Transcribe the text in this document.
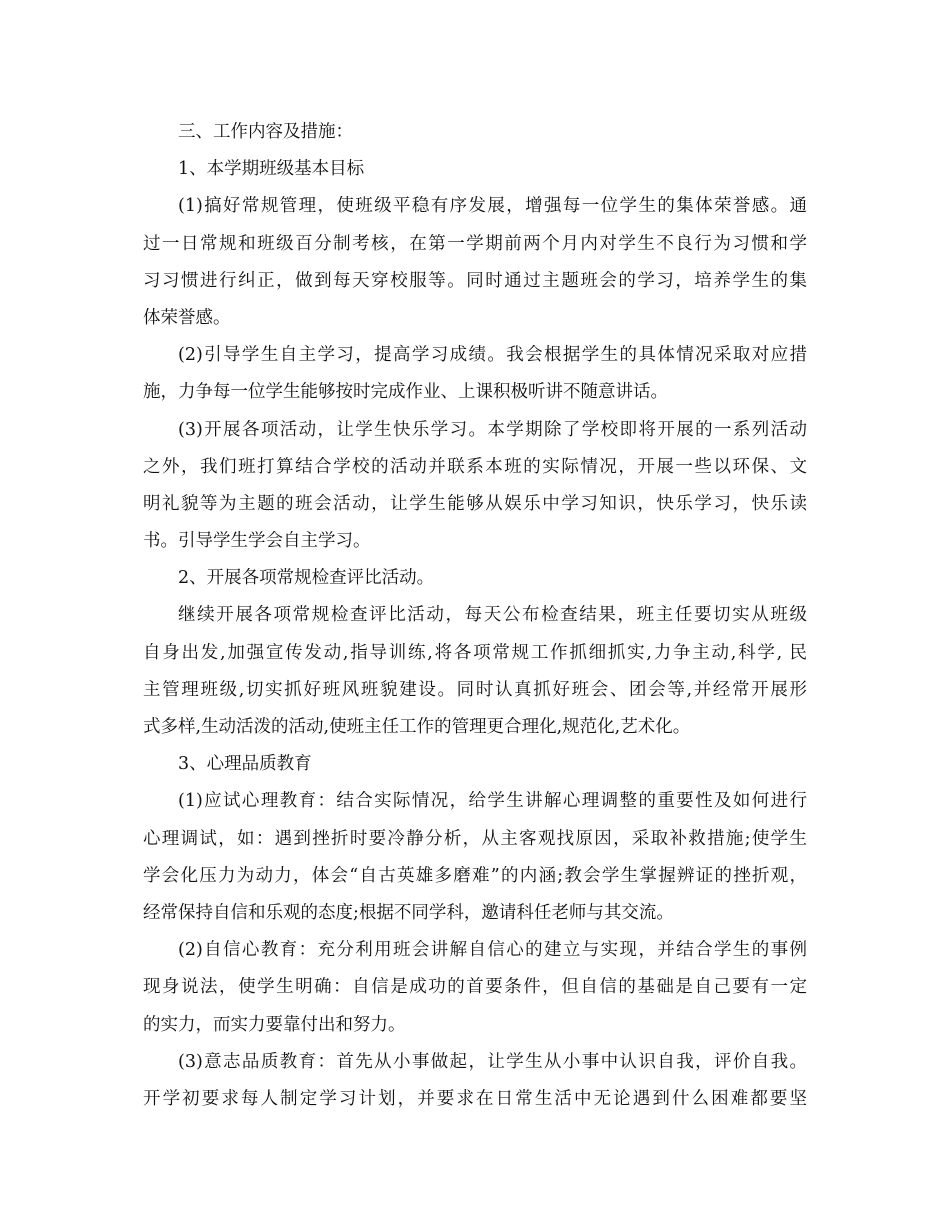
三、工作内容及措施：
1、本学期班级基本目标
(1)搞好常规管理，使班级平稳有序发展，增强每一位学生的集体荣誉感。通
过一日常规和班级百分制考核，在第一学期前两个月内对学生不良行为习惯和学
习习惯进行纠正，做到每天穿校服等。同时通过主题班会的学习，培养学生的集
体荣誉感。
(2)引导学生自主学习，提高学习成绩。我会根据学生的具体情况采取对应措
施，力争每一位学生能够按时完成作业、上课积极听讲不随意讲话。
(3)开展各项活动，让学生快乐学习。本学期除了学校即将开展的一系列活动
之外，我们班打算结合学校的活动并联系本班的实际情况，开展一些以环保、文
明礼貌等为主题的班会活动，让学生能够从娱乐中学习知识，快乐学习，快乐读
书。引导学生学会自主学习。
2、开展各项常规检查评比活动。
继续开展各项常规检查评比活动，每天公布检查结果，班主任要切实从班级
自身出发,加强宣传发动,指导训练,将各项常规工作抓细抓实,力争主动,科学, 民
主管理班级,切实抓好班风班貌建设。同时认真抓好班会、团会等,并经常开展形
式多样,生动活泼的活动,使班主任工作的管理更合理化,规范化,艺术化。
3、心理品质教育
(1)应试心理教育：结合实际情况，给学生讲解心理调整的重要性及如何进行
心理调试，如：遇到挫折时要冷静分析，从主客观找原因，采取补救措施;使学生
学会化压力为动力，体会“自古英雄多磨难”的内涵;教会学生掌握辨证的挫折观，
经常保持自信和乐观的态度;根据不同学科，邀请科任老师与其交流。
(2)自信心教育：充分利用班会讲解自信心的建立与实现，并结合学生的事例
现身说法，使学生明确：自信是成功的首要条件，但自信的基础是自己要有一定
的实力，而实力要靠付出和努力。
(3)意志品质教育：首先从小事做起，让学生从小事中认识自我，评价自我。
开学初要求每人制定学习计划，并要求在日常生活中无论遇到什么困难都要坚
